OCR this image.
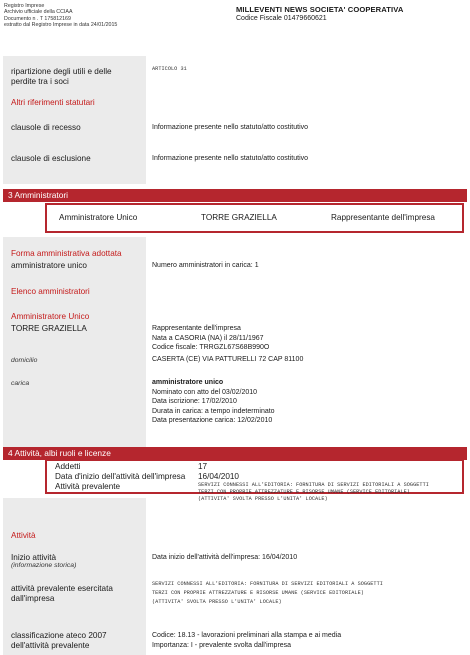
Registro Imprese
Archivio ufficiale della CCIAA
Documento n . T 175812169
estratto dal Registro Imprese in data 24/01/2015
MILLEVENTI NEWS SOCIETA' COOPERATIVA
Codice Fiscale 01479660621
ripartizione degli utili e delle perdite tra i soci
ARTICOLO 31
Altri riferimenti statutari
clausole di recesso	Informazione presente nello statuto/atto costitutivo
clausole di esclusione	Informazione presente nello statuto/atto costitutivo
3 Amministratori
Amministratore Unico	TORRE GRAZIELLA	Rappresentante dell'impresa
Forma amministrativa adottata
amministratore unico	Numero amministratori in carica: 1
Elenco amministratori
Amministratore Unico
TORRE GRAZIELLA	Rappresentante dell'impresa
Nata a CASORIA (NA) il 28/11/1967
Codice fiscale: TRRGZL67S68B990O
domicilio	CASERTA (CE) VIA PATTURELLI 72 CAP 81100
carica	amministratore unico
Nominato con atto del 03/02/2010
Data iscrizione: 17/02/2010
Durata in carica: a tempo indeterminato
Data presentazione carica: 12/02/2010
4 Attività, albi ruoli e licenze
Addetti	17
Data d'inizio dell'attività dell'impresa 16/04/2010
Attività prevalente	SERVIZI CONNESSI ALL'EDITORIA: FORNITURA DI SERVIZI EDITORIALI A SOGGETTI
TERZI CON PROPRIE ATTREZZATURE E RISORSE UMANE (SERVICE EDITORIALE)
(ATTIVITA' SVOLTA PRESSO L'UNITA' LOCALE)
Attività
Inizio attività
(informazione storica)
Data inizio dell'attività dell'impresa: 16/04/2010
attività prevalente esercitata dall'impresa
SERVIZI CONNESSI ALL'EDITORIA: FORNITURA DI SERVIZI EDITORIALI A SOGGETTI
TERZI CON PROPRIE ATTREZZATURE E RISORSE UMANE (SERVICE EDITORIALE)
(ATTIVITA' SVOLTA PRESSO L'UNITA' LOCALE)
classificazione ateco 2007 dell'attività prevalente
Codice: 18.13 - lavorazioni preliminari alla stampa e ai media
Importanza: I - prevalente svolta dall'impresa
